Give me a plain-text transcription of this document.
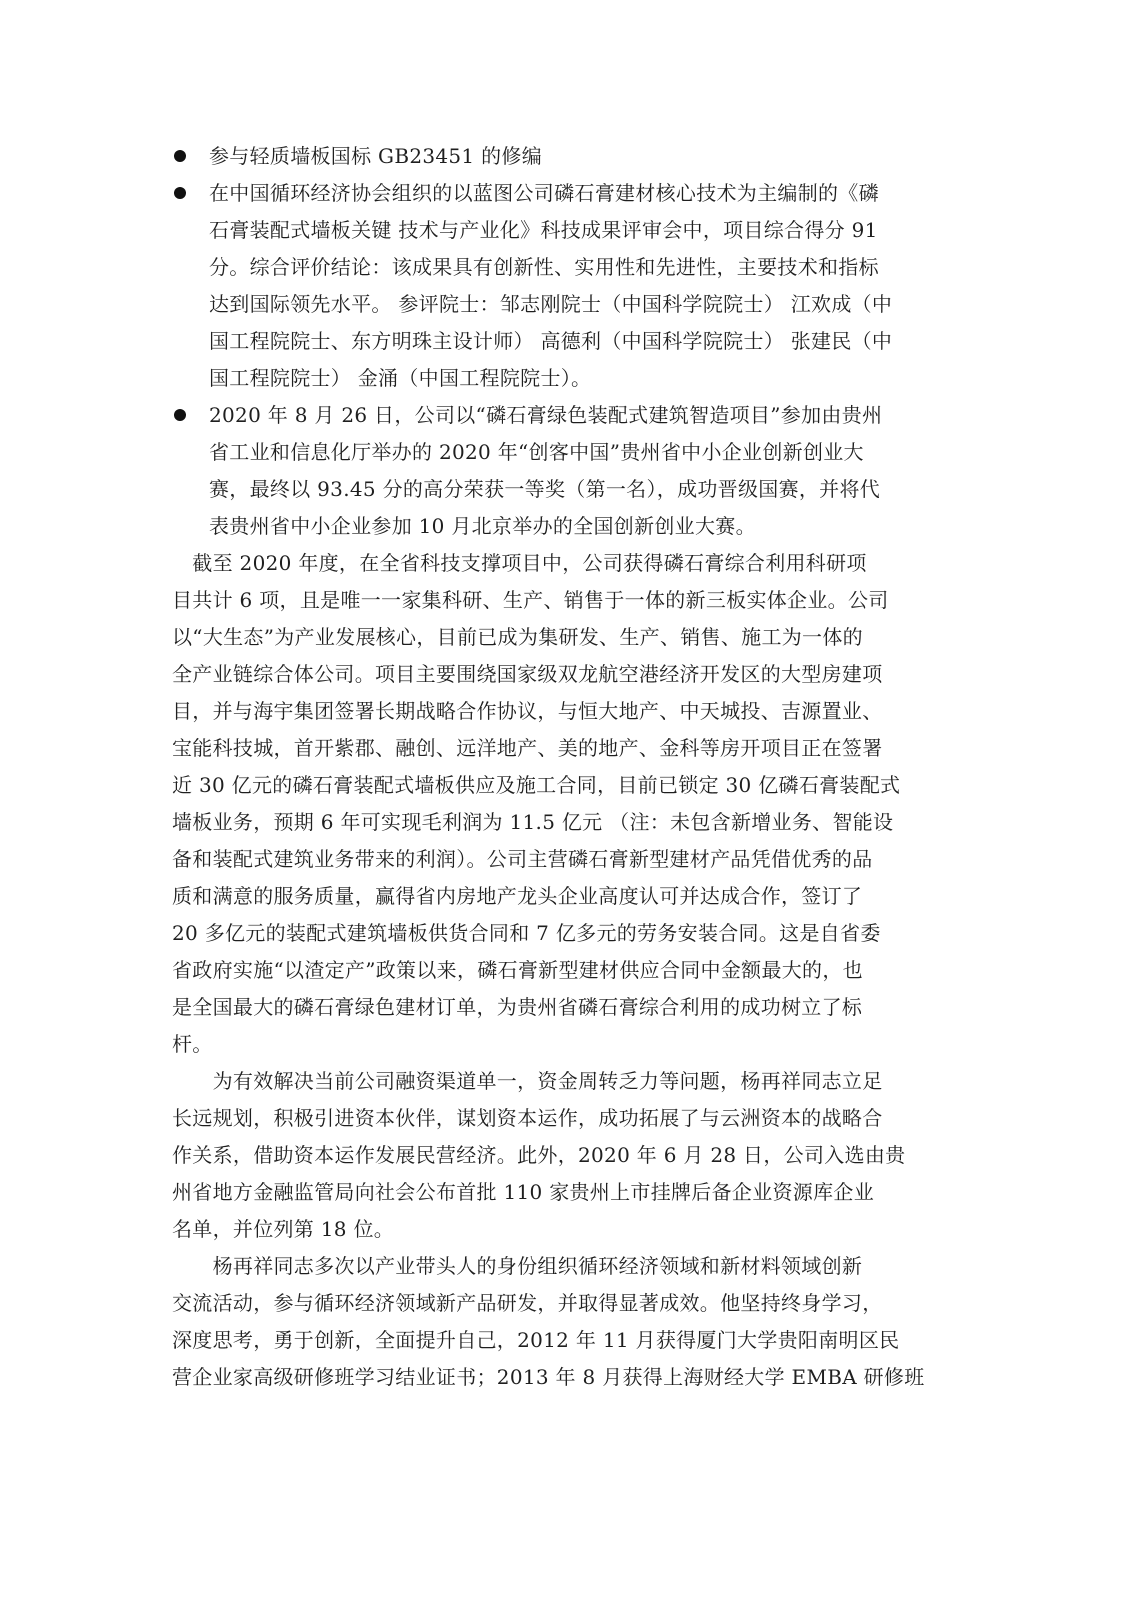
参与轻质墙板国标 GB23451 的修编
在中国循环经济协会组织的以蓝图公司磷石膏建材核心技术为主编制的《磷
石膏装配式墙板关键 技术与产业化》科技成果评审会中，项目综合得分 91
分。综合评价结论：该成果具有创新性、实用性和先进性，主要技术和指标
达到国际领先水平。 参评院士：邹志刚院士（中国科学院院士） 江欢成（中
国工程院院士、东方明珠主设计师） 高德利（中国科学院院士） 张建民（中
国工程院院士） 金涌（中国工程院院士）。
2020 年 8 月 26 日，公司以“磷石膏绿色装配式建筑智造项目”参加由贵州
省工业和信息化厅举办的 2020 年“创客中国”贵州省中小企业创新创业大
赛，最终以 93.45 分的高分荣获一等奖（第一名），成功晋级国赛，并将代
表贵州省中小企业参加 10 月北京举办的全国创新创业大赛。
　截至 2020 年度，在全省科技支撑项目中，公司获得磷石膏综合利用科研项
目共计 6 项，且是唯一一家集科研、生产、销售于一体的新三板实体企业。公司
以“大生态”为产业发展核心，目前已成为集研发、生产、销售、施工为一体的
全产业链综合体公司。项目主要围绕国家级双龙航空港经济开发区的大型房建项
目，并与海宇集团签署长期战略合作协议，与恒大地产、中天城投、吉源置业、
宝能科技城，首开紫郡、融创、远洋地产、美的地产、金科等房开项目正在签署
近 30 亿元的磷石膏装配式墙板供应及施工合同，目前已锁定 30 亿磷石膏装配式
墙板业务，预期 6 年可实现毛利润为 11.5 亿元 （注：未包含新增业务、智能设
备和装配式建筑业务带来的利润）。公司主营磷石膏新型建材产品凭借优秀的品
质和满意的服务质量，赢得省内房地产龙头企业高度认可并达成合作，签订了
20 多亿元的装配式建筑墙板供货合同和 7 亿多元的劳务安装合同。这是自省委
省政府实施“以渣定产”政策以来，磷石膏新型建材供应合同中金额最大的，也
是全国最大的磷石膏绿色建材订单，为贵州省磷石膏综合利用的成功树立了标
杆。
　　为有效解决当前公司融资渠道单一，资金周转乏力等问题，杨再祥同志立足
长远规划，积极引进资本伙伴，谋划资本运作，成功拓展了与云洲资本的战略合
作关系，借助资本运作发展民营经济。此外，2020 年 6 月 28 日，公司入选由贵
州省地方金融监管局向社会公布首批 110 家贵州上市挂牌后备企业资源库企业
名单，并位列第 18 位。
　　杨再祥同志多次以产业带头人的身份组织循环经济领域和新材料领域创新
交流活动，参与循环经济领域新产品研发，并取得显著成效。他坚持终身学习，
深度思考，勇于创新，全面提升自己，2012 年 11 月获得厦门大学贵阳南明区民
营企业家高级研修班学习结业证书；2013 年 8 月获得上海财经大学 EMBA 研修班
